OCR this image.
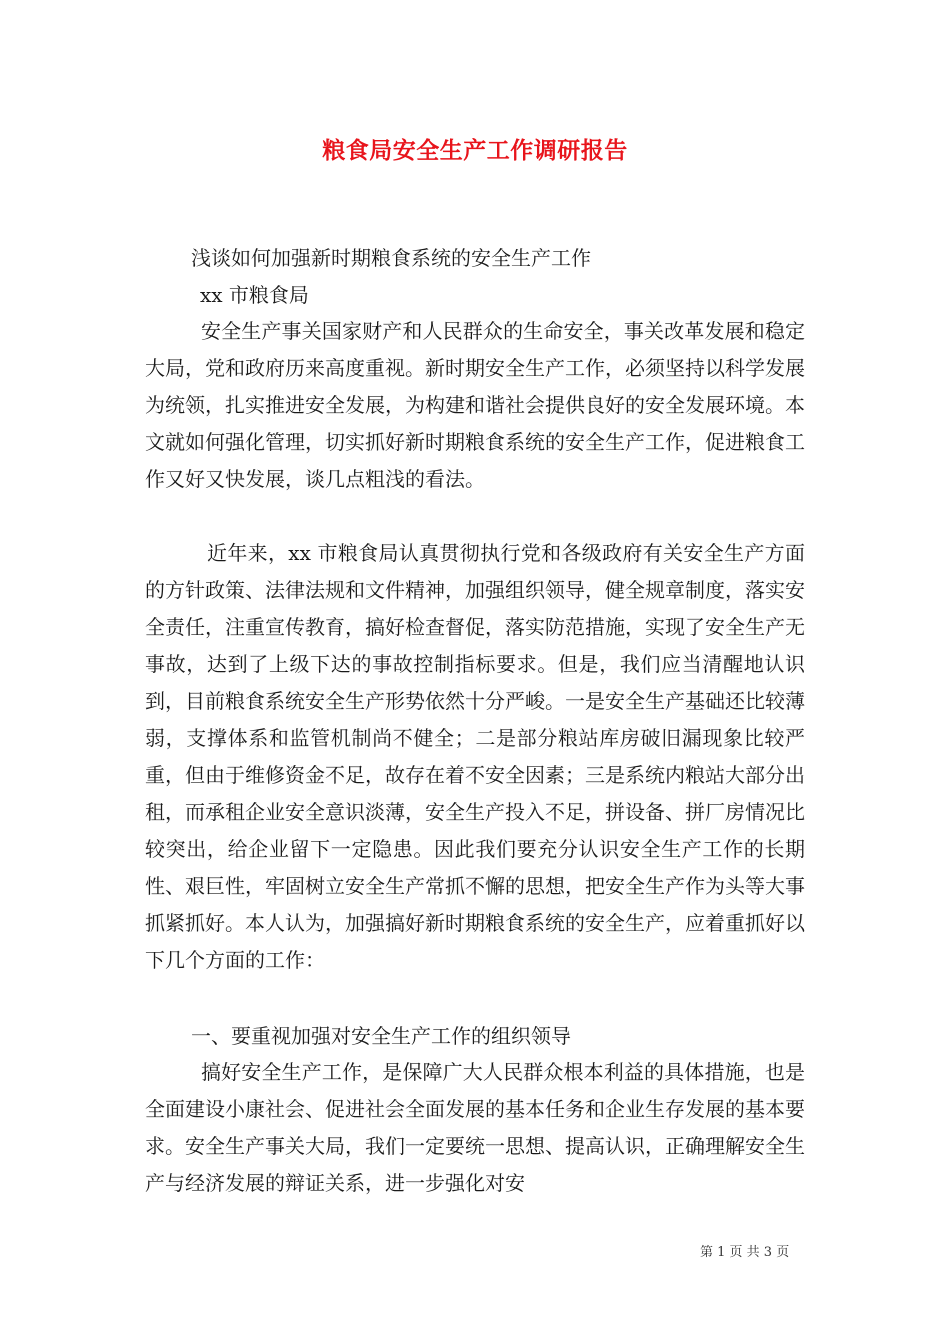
粮食局安全生产工作调研报告
浅谈如何加强新时期粮食系统的安全生产工作
xx 市粮食局

安全生产事关国家财产和人民群众的生命安全，事关改革发展和稳定大局，党和政府历来高度重视。新时期安全生产工作，必须坚持以科学发展为统领，扎实推进安全发展，为构建和谐社会提供良好的安全发展环境。本文就如何强化管理，切实抓好新时期粮食系统的安全生产工作，促进粮食工作又好又快发展，谈几点粗浅的看法。

近年来，xx 市粮食局认真贯彻执行党和各级政府有关安全生产方面的方针政策、法律法规和文件精神，加强组织领导，健全规章制度，落实安全责任，注重宣传教育，搞好检查督促，落实防范措施，实现了安全生产无事故，达到了上级下达的事故控制指标要求。但是，我们应当清醒地认识到，目前粮食系统安全生产形势依然十分严峻。一是安全生产基础还比较薄弱，支撑体系和监管机制尚不健全；二是部分粮站库房破旧漏现象比较严重，但由于维修资金不足，故存在着不安全因素；三是系统内粮站大部分出租，而承租企业安全意识淡薄，安全生产投入不足，拼设备、拼厂房情况比较突出，给企业留下一定隐患。因此我们要充分认识安全生产工作的长期性、艰巨性，牢固树立安全生产常抓不懈的思想，把安全生产作为头等大事抓紧抓好。本人认为，加强搞好新时期粮食系统的安全生产，应着重抓好以下几个方面的工作：

一、要重视加强对安全生产工作的组织领导

搞好安全生产工作，是保障广大人民群众根本利益的具体措施，也是全面建设小康社会、促进社会全面发展的基本任务和企业生存发展的基本要求。安全生产事关大局，我们一定要统一思想、提高认识，正确理解安全生产与经济发展的辩证关系，进一步强化对安

第 1 页 共 3 页
